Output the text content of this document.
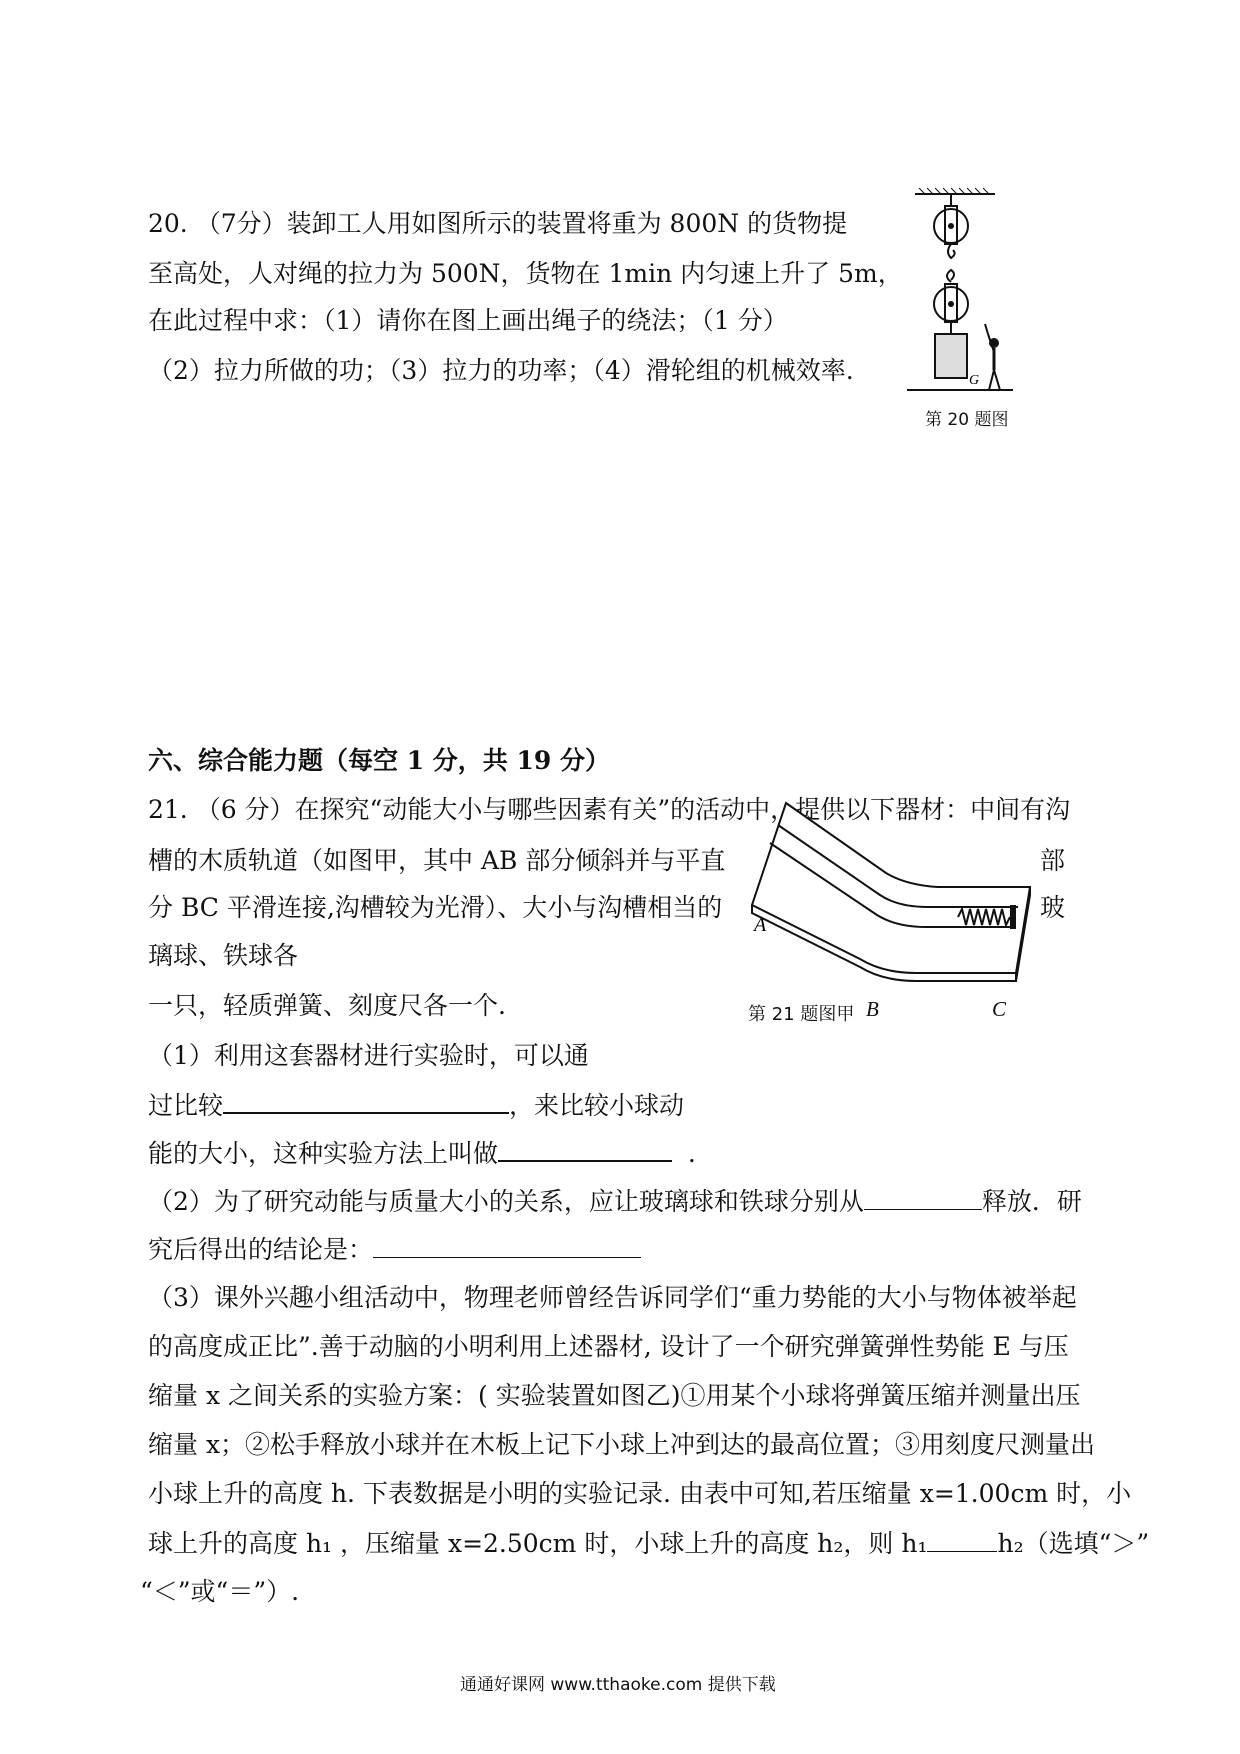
20. （7分）装卸工人用如图所示的装置将重为 800N 的货物提
至高处，人对绳的拉力为 500N，货物在 1min 内匀速上升了 5m，
在此过程中求：（1）请你在图上画出绳子的绕法；（1 分）
（2）拉力所做的功；（3）拉力的功率；（4）滑轮组的机械效率.	G
第 20 题图
六、综合能力题（每空 1 分，共 19 分）
21. （6 分）在探究“动能大小与哪些因素有关”的活动中，提供以下器材：中间有沟
槽的木质轨道（如图甲，其中 AB 部分倾斜并与平直	部
分 BC 平滑连接,沟槽较为光滑）、大小与沟槽相当的	玻
璃球、铁球各
一只，轻质弹簧、刻度尺各一个.
A
第 21 题图甲 B	C
（1）利用这套器材进行实验时，可以通
过比较	，来比较小球动
能的大小，这种实验方法上叫做	.
（2）为了研究动能与质量大小的关系，应让玻璃球和铁球分别从	释放．研
究后得出的结论是：
（3）课外兴趣小组活动中，物理老师曾经告诉同学们“重力势能的大小与物体被举起
的高度成正比”.善于动脑的小明利用上述器材, 设计了一个研究弹簧弹性势能 E 与压
缩量 x 之间关系的实验方案：( 实验装置如图乙)①用某个小球将弹簧压缩并测量出压
缩量 x；②松手释放小球并在木板上记下小球上冲到达的最高位置；③用刻度尺测量出
小球上升的高度 h. 下表数据是小明的实验记录. 由表中可知,若压缩量 x=1.00cm 时，小
球上升的高度 h₁ ，压缩量 x=2.50cm 时，小球上升的高度 h₂，则 h₁	h₂（选填“＞”
“＜”或“＝”）.
通通好课网 www.tthaoke.com 提供下载
